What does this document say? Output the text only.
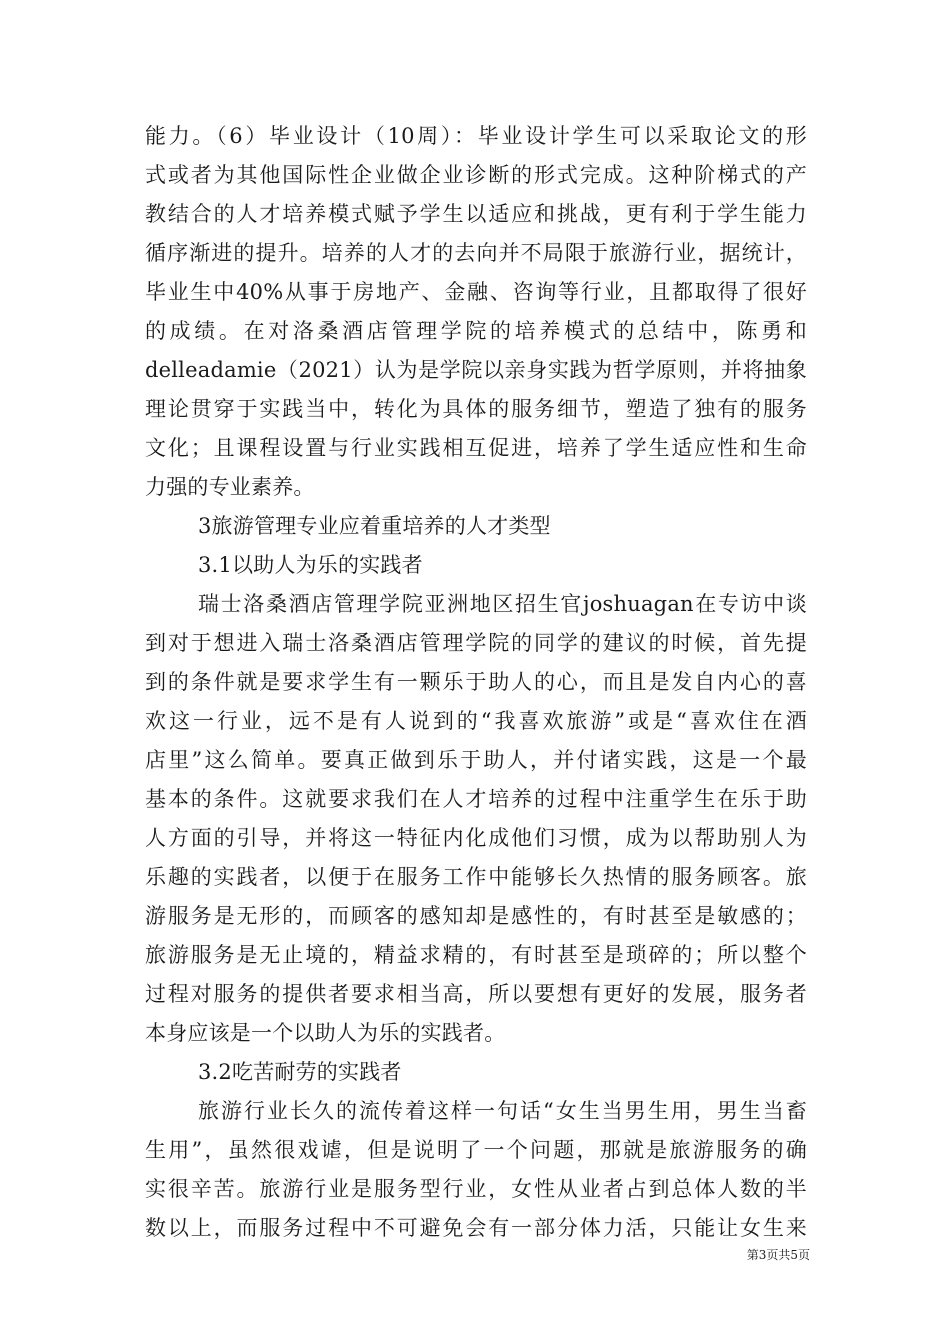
能力。（6）毕业设计（10周）：毕业设计学生可以采取论文的形
式或者为其他国际性企业做企业诊断的形式完成。这种阶梯式的产
教结合的人才培养模式赋予学生以适应和挑战，更有利于学生能力
循序渐进的提升。培养的人才的去向并不局限于旅游行业，据统计，
毕业生中40%从事于房地产、金融、咨询等行业，且都取得了很好
的成绩。在对洛桑酒店管理学院的培养模式的总结中，陈勇和
delleadamie（2021）认为是学院以亲身实践为哲学原则，并将抽象
理论贯穿于实践当中，转化为具体的服务细节，塑造了独有的服务
文化；且课程设置与行业实践相互促进，培养了学生适应性和生命
力强的专业素养。
3旅游管理专业应着重培养的人才类型
3.1以助人为乐的实践者
瑞士洛桑酒店管理学院亚洲地区招生官joshuagan在专访中谈
到对于想进入瑞士洛桑酒店管理学院的同学的建议的时候，首先提
到的条件就是要求学生有一颗乐于助人的心，而且是发自内心的喜
欢这一行业，远不是有人说到的“我喜欢旅游”或是“喜欢住在酒
店里”这么简单。要真正做到乐于助人，并付诸实践，这是一个最
基本的条件。这就要求我们在人才培养的过程中注重学生在乐于助
人方面的引导，并将这一特征内化成他们习惯，成为以帮助别人为
乐趣的实践者，以便于在服务工作中能够长久热情的服务顾客。旅
游服务是无形的，而顾客的感知却是感性的，有时甚至是敏感的；
旅游服务是无止境的，精益求精的，有时甚至是琐碎的；所以整个
过程对服务的提供者要求相当高，所以要想有更好的发展，服务者
本身应该是一个以助人为乐的实践者。
3.2吃苦耐劳的实践者
旅游行业长久的流传着这样一句话“女生当男生用，男生当畜
生用”，虽然很戏谑，但是说明了一个问题，那就是旅游服务的确
实很辛苦。旅游行业是服务型行业，女性从业者占到总体人数的半
数以上，而服务过程中不可避免会有一部分体力活，只能让女生来
第3页共5页
